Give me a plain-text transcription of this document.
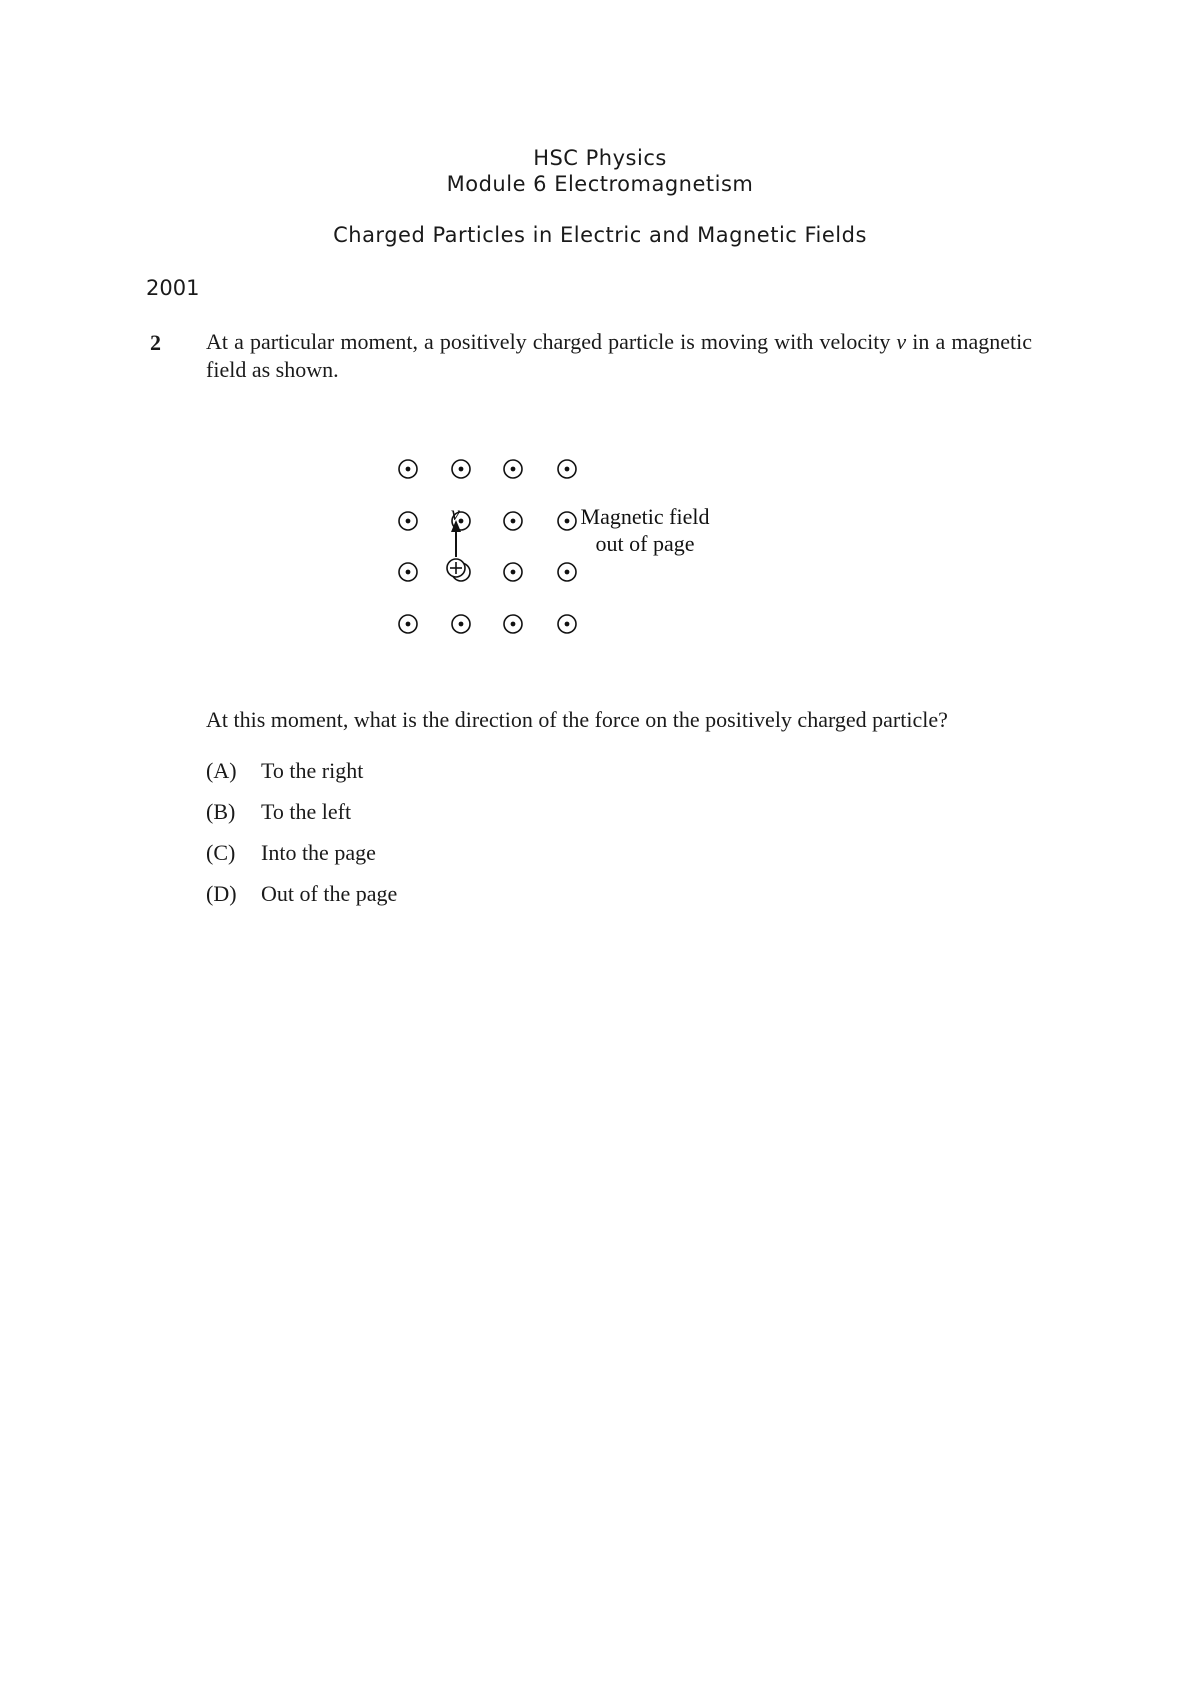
HSC Physics
Module 6 Electromagnetism
Charged Particles in Electric and Magnetic Fields
2001
2 At a particular moment, a positively charged particle is moving with velocity v in a magnetic field as shown.
v	Magnetic field
out of page
At this moment, what is the direction of the force on the positively charged particle?
(A)	To the right
(B)	To the left
(C)	Into the page
(D)	Out of the page
